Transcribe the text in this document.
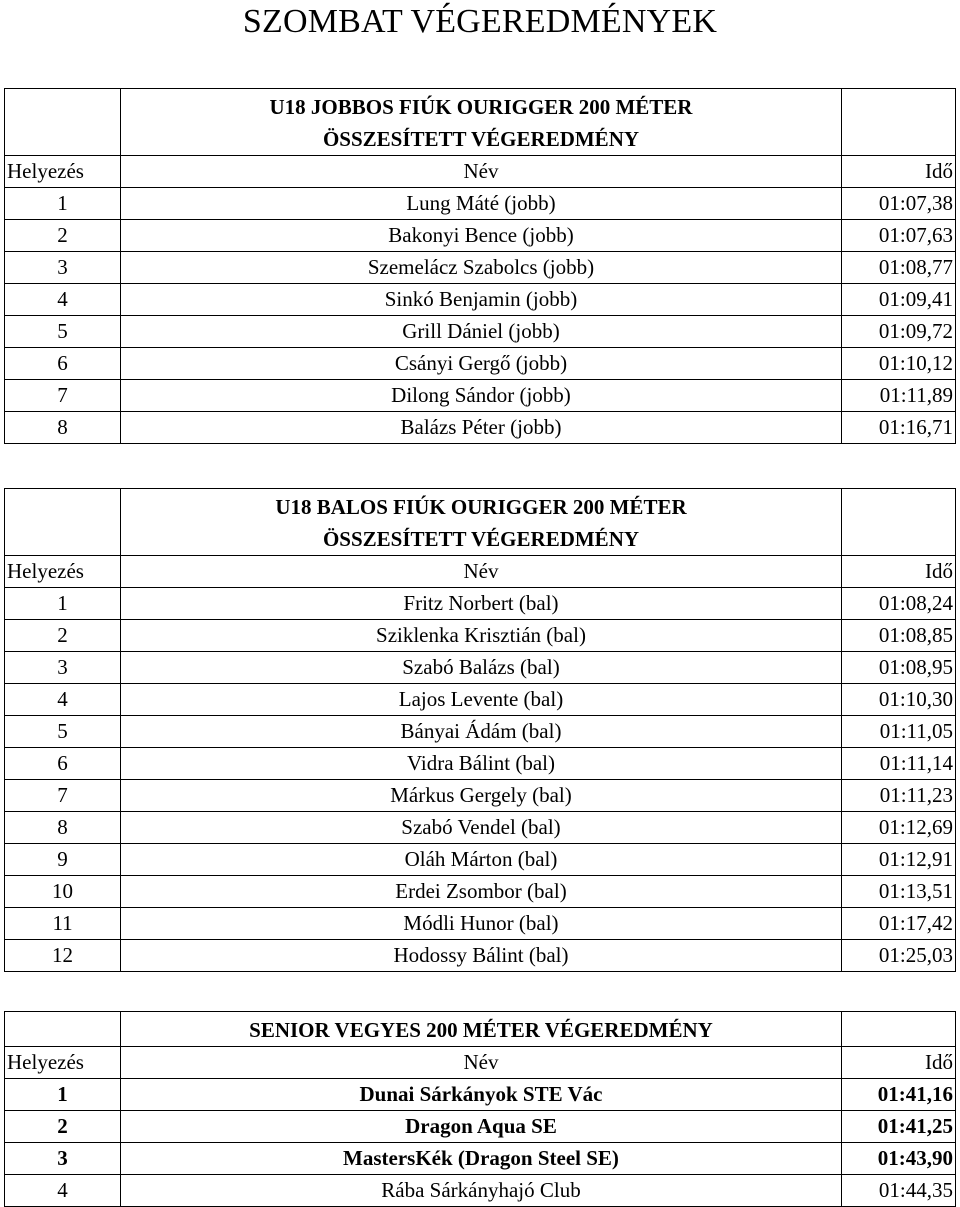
SZOMBAT VÉGEREDMÉNYEK

	U18 JOBBOS FIÚK OURIGGER 200 MÉTER
ÖSSZESÍTETT VÉGEREDMÉNY	

Helyezés	Név	Idő
1	Lung Máté (jobb)	01:07,38
2	Bakonyi Bence (jobb)	01:07,63
3	Szemelácz Szabolcs (jobb)	01:08,77
4	Sinkó Benjamin (jobb)	01:09,41
5	Grill Dániel (jobb)	01:09,72
6	Csányi Gergő (jobb)	01:10,12
7	Dilong Sándor (jobb)	01:11,89
8	Balázs Péter (jobb)	01:16,71

	U18 BALOS FIÚK OURIGGER 200 MÉTER
ÖSSZESÍTETT VÉGEREDMÉNY	

Helyezés	Név	Idő
1	Fritz Norbert (bal)	01:08,24
2	Sziklenka Krisztián (bal)	01:08,85
3	Szabó Balázs (bal)	01:08,95
4	Lajos Levente (bal)	01:10,30
5	Bányai Ádám (bal)	01:11,05
6	Vidra Bálint (bal)	01:11,14
7	Márkus Gergely (bal)	01:11,23
8	Szabó Vendel (bal)	01:12,69
9	Oláh Márton (bal)	01:12,91
10	Erdei Zsombor (bal)	01:13,51
11	Módli Hunor (bal)	01:17,42
12	Hodossy Bálint (bal)	01:25,03

	SENIOR VEGYES 200 MÉTER VÉGEREDMÉNY	

Helyezés	Név	Idő
1	Dunai Sárkányok STE Vác	01:41,16
2	Dragon Aqua SE	01:41,25
3	MastersKék (Dragon Steel SE)	01:43,90
4	Rába Sárkányhajó Club	01:44,35
